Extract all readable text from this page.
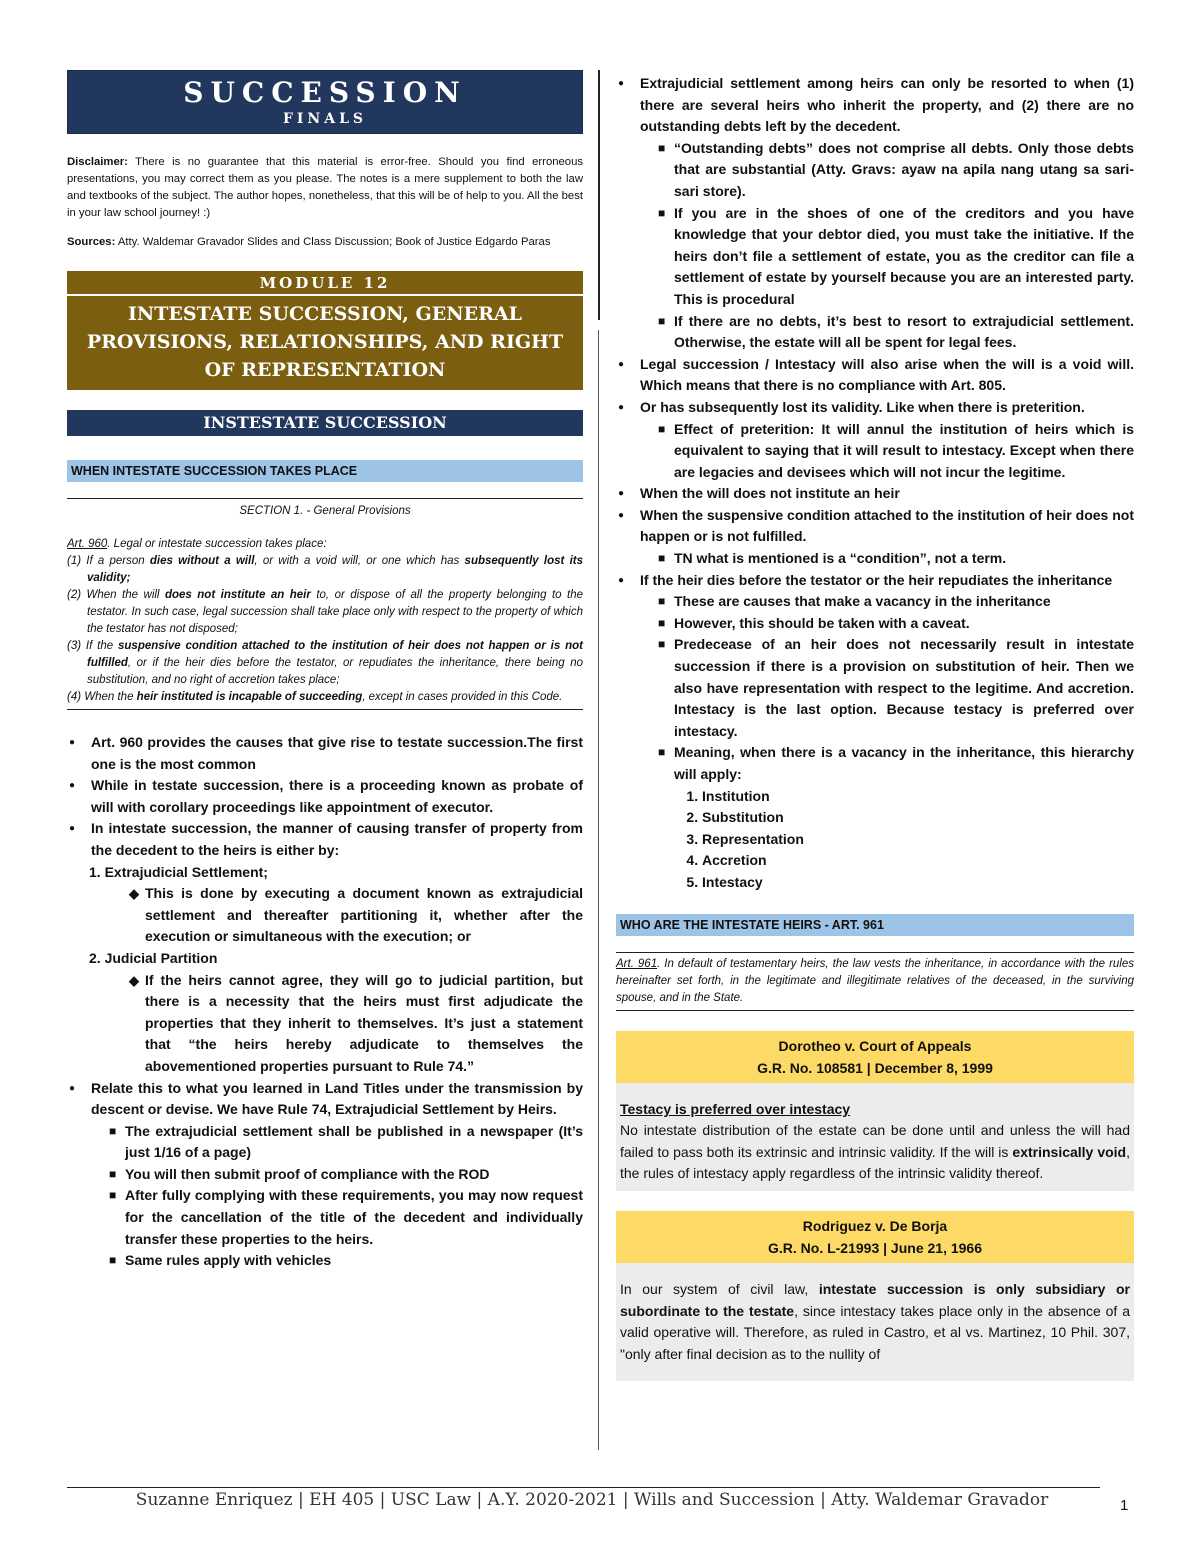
SUCCESSION
FINALS
Disclaimer: There is no guarantee that this material is error-free. Should you find erroneous presentations, you may correct them as you please. The notes is a mere supplement to both the law and textbooks of the subject. The author hopes, nonetheless, that this will be of help to you. All the best in your law school journey! :)
Sources: Atty. Waldemar Gravador Slides and Class Discussion; Book of Justice Edgardo Paras
MODULE 12
INTESTATE SUCCESSION, GENERAL PROVISIONS, RELATIONSHIPS, AND RIGHT OF REPRESENTATION
INSTESTATE SUCCESSION
WHEN INTESTATE SUCCESSION TAKES PLACE
SECTION 1. - General Provisions
Art. 960. Legal or intestate succession takes place:
(1) If a person dies without a will, or with a void will, or one which has subsequently lost its validity;
(2) When the will does not institute an heir to, or dispose of all the property belonging to the testator. In such case, legal succession shall take place only with respect to the property of which the testator has not disposed;
(3) If the suspensive condition attached to the institution of heir does not happen or is not fulfilled, or if the heir dies before the testator, or repudiates the inheritance, there being no substitution, and no right of accretion takes place;
(4) When the heir instituted is incapable of succeeding, except in cases provided in this Code.
● Art. 960 provides the causes that give rise to testate succession.The first one is the most common
● While in testate succession, there is a proceeding known as probate of will with corollary proceedings like appointment of executor.
● In intestate succession, the manner of causing transfer of property from the decedent to the heirs is either by:
1. Extrajudicial Settlement;
◆ This is done by executing a document known as extrajudicial settlement and thereafter partitioning it, whether after the execution or simultaneous with the execution; or
2. Judicial Partition
◆ If the heirs cannot agree, they will go to judicial partition, but there is a necessity that the heirs must first adjudicate the properties that they inherit to themselves. It’s just a statement that “the heirs hereby adjudicate to themselves the abovementioned properties pursuant to Rule 74.”
● Relate this to what you learned in Land Titles under the transmission by descent or devise. We have Rule 74, Extrajudicial Settlement by Heirs.
■ The extrajudicial settlement shall be published in a newspaper (It’s just 1/16 of a page)
■ You will then submit proof of compliance with the ROD
■ After fully complying with these requirements, you may now request for the cancellation of the title of the decedent and individually transfer these properties to the heirs.
■ Same rules apply with vehicles
● Extrajudicial settlement among heirs can only be resorted to when (1) there are several heirs who inherit the property, and (2) there are no outstanding debts left by the decedent.
■ “Outstanding debts” does not comprise all debts. Only those debts that are substantial (Atty. Gravs: ayaw na apila nang utang sa sari-sari store).
■ If you are in the shoes of one of the creditors and you have knowledge that your debtor died, you must take the initiative. If the heirs don’t file a settlement of estate, you as the creditor can file a settlement of estate by yourself because you are an interested party. This is procedural
■ If there are no debts, it’s best to resort to extrajudicial settlement. Otherwise, the estate will all be spent for legal fees.
● Legal succession / Intestacy will also arise when the will is a void will. Which means that there is no compliance with Art. 805.
● Or has subsequently lost its validity. Like when there is preterition.
■ Effect of preterition: It will annul the institution of heirs which is equivalent to saying that it will result to intestacy. Except when there are legacies and devisees which will not incur the legitime.
● When the will does not institute an heir
● When the suspensive condition attached to the institution of heir does not happen or is not fulfilled.
■ TN what is mentioned is a “condition”, not a term.
● If the heir dies before the testator or the heir repudiates the inheritance
■ These are causes that make a vacancy in the inheritance
■ However, this should be taken with a caveat.
■ Predecease of an heir does not necessarily result in intestate succession if there is a provision on substitution of heir. Then we also have representation with respect to the legitime. And accretion. Intestacy is the last option. Because testacy is preferred over intestacy.
■ Meaning, when there is a vacancy in the inheritance, this hierarchy will apply:
1. Institution
2. Substitution
3. Representation
4. Accretion
5. Intestacy
WHO ARE THE INTESTATE HEIRS - ART. 961
Art. 961. In default of testamentary heirs, the law vests the inheritance, in accordance with the rules hereinafter set forth, in the legitimate and illegitimate relatives of the deceased, in the surviving spouse, and in the State.
Dorotheo v. Court of Appeals
G.R. No. 108581 | December 8, 1999
Testacy is preferred over intestacy
No intestate distribution of the estate can be done until and unless the will had failed to pass both its extrinsic and intrinsic validity. If the will is extrinsically void, the rules of intestacy apply regardless of the intrinsic validity thereof.
Rodriguez v. De Borja
G.R. No. L-21993 | June 21, 1966
In our system of civil law, intestate succession is only subsidiary or subordinate to the testate, since intestacy takes place only in the absence of a valid operative will. Therefore, as ruled in Castro, et al vs. Martinez, 10 Phil. 307, "only after final decision as to the nullity of
Suzanne Enriquez | EH 405 | USC Law | A.Y. 2020-2021 | Wills and Succession | Atty. Waldemar Gravador	1
